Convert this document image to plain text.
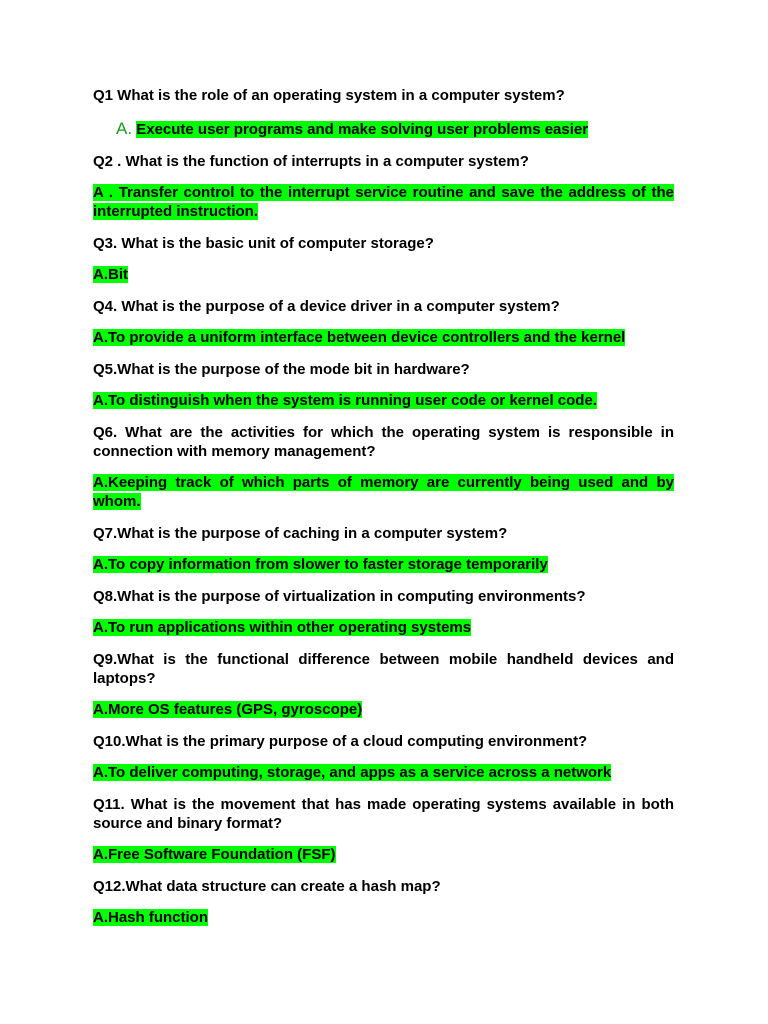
Q1 What is the role of an operating system in a computer system?
A. Execute user programs and make solving user problems easier
Q2 . What is the function of interrupts in a computer system?
A . Transfer control to the interrupt service routine and save the address of the interrupted instruction.
Q3. What is the basic unit of computer storage?
A.Bit
Q4. What is the purpose of a device driver in a computer system?
A.To provide a uniform interface between device controllers and the kernel
Q5.What is the purpose of the mode bit in hardware?
A.To distinguish when the system is running user code or kernel code.
Q6. What are the activities for which the operating system is responsible in connection with memory management?
A.Keeping track of which parts of memory are currently being used and by whom.
Q7.What is the purpose of caching in a computer system?
A.To copy information from slower to faster storage temporarily
Q8.What is the purpose of virtualization in computing environments?
A.To run applications within other operating systems
Q9.What is the functional difference between mobile handheld devices and laptops?
A.More OS features (GPS, gyroscope)
Q10.What is the primary purpose of a cloud computing environment?
A.To deliver computing, storage, and apps as a service across a network
Q11. What is the movement that has made operating systems available in both source and binary format?
A.Free Software Foundation (FSF)
Q12.What data structure can create a hash map?
A.Hash function
